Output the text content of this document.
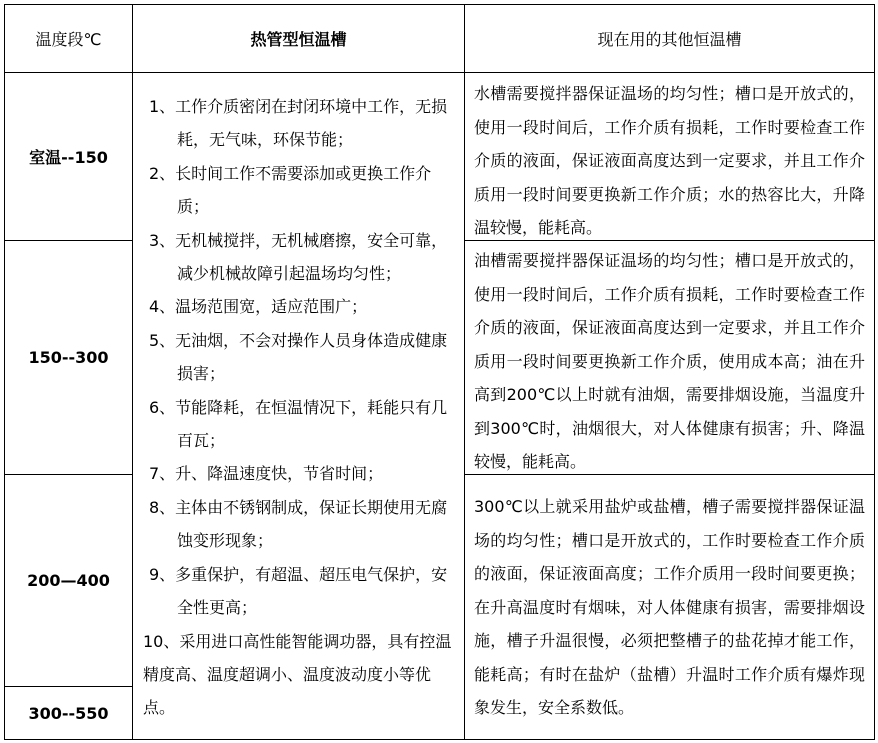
温度段℃	热管型恒温槽	现在用的其他恒温槽
室温--150
150--300
200—400
300--550
1、工作介质密闭在封闭环境中工作，无损耗，无气味，环保节能；
2、长时间工作不需要添加或更换工作介质；
3、无机械搅拌，无机械磨擦，安全可靠，减少机械故障引起温场均匀性；
4、温场范围宽，适应范围广；
5、无油烟，不会对操作人员身体造成健康损害；
6、节能降耗，在恒温情况下，耗能只有几百瓦；
7、升、降温速度快，节省时间；
8、主体由不锈钢制成，保证长期使用无腐蚀变形现象；
9、多重保护，有超温、超压电气保护，安全性更高；
10、采用进口高性能智能调功器，具有控温精度高、温度超调小、温度波动度小等优点。
水槽需要搅拌器保证温场的均匀性；槽口是开放式的，使用一段时间后，工作介质有损耗，工作时要检查工作介质的液面，保证液面高度达到一定要求，并且工作介质用一段时间要更换新工作介质；水的热容比大，升降温较慢，能耗高。
油槽需要搅拌器保证温场的均匀性；槽口是开放式的，使用一段时间后，工作介质有损耗，工作时要检查工作介质的液面，保证液面高度达到一定要求，并且工作介质用一段时间要更换新工作介质，使用成本高；油在升高到200℃以上时就有油烟，需要排烟设施，当温度升到300℃时，油烟很大，对人体健康有损害；升、降温较慢，能耗高。
300℃以上就采用盐炉或盐槽，槽子需要搅拌器保证温场的均匀性；槽口是开放式的，工作时要检查工作介质的液面，保证液面高度；工作介质用一段时间要更换；在升高温度时有烟味，对人体健康有损害，需要排烟设施，槽子升温很慢，必须把整槽子的盐花掉才能工作，能耗高；有时在盐炉（盐槽）升温时工作介质有爆炸现象发生，安全系数低。
